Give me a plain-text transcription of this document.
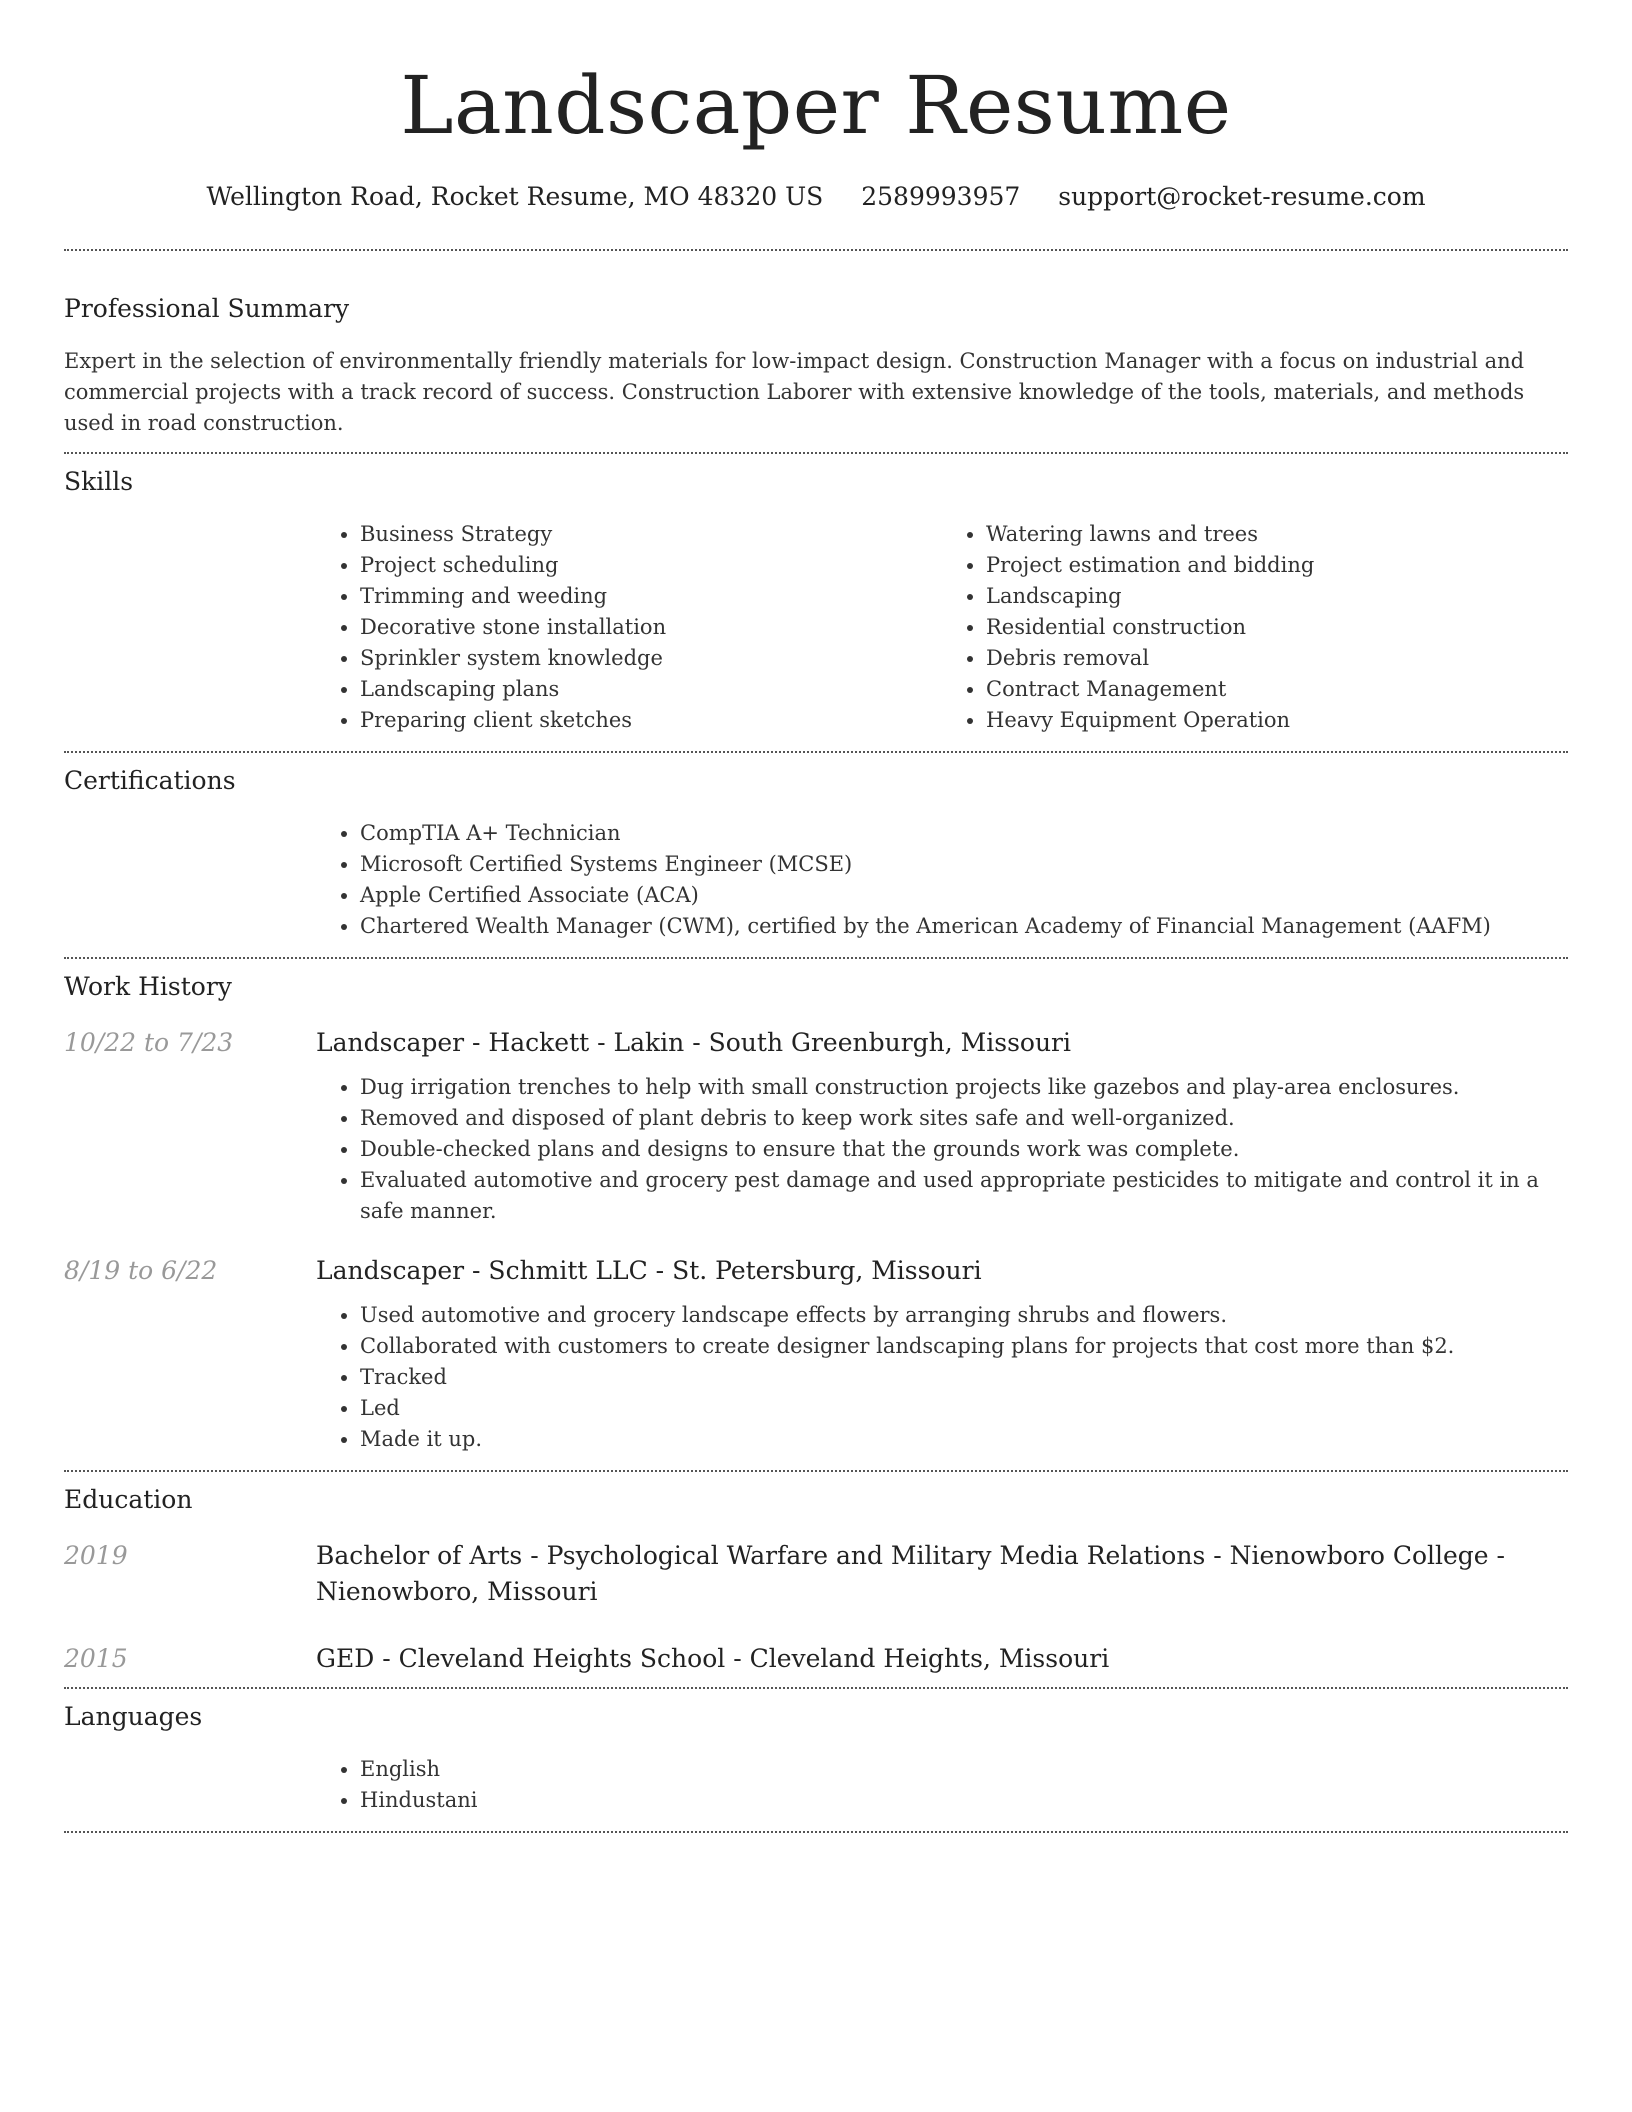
Landscaper Resume
Wellington Road, Rocket Resume, MO 48320 US 2589993957 support@rocket-resume.com
Professional Summary

Expert in the selection of environmentally friendly materials for low-impact design. Construction Manager with a focus on industrial and commercial projects with a track record of success. Construction Laborer with extensive knowledge of the tools, materials, and methods used in road construction.

Skills
• Business Strategy
• Project scheduling
• Trimming and weeding
• Decorative stone installation
• Sprinkler system knowledge
• Landscaping plans
• Preparing client sketches
• Watering lawns and trees
• Project estimation and bidding
• Landscaping
• Residential construction
• Debris removal
• Contract Management
• Heavy Equipment Operation
Certifications
• CompTIA A+ Technician
• Microsoft Certified Systems Engineer (MCSE)
• Apple Certified Associate (ACA)
• Chartered Wealth Manager (CWM), certified by the American Academy of Financial Management (AAFM)
Work History
10/22 to 7/23	Landscaper - Hackett - Lakin - South Greenburgh, Missouri
• Dug irrigation trenches to help with small construction projects like gazebos and play-area enclosures.
• Removed and disposed of plant debris to keep work sites safe and well-organized.
• Double-checked plans and designs to ensure that the grounds work was complete.
• Evaluated automotive and grocery pest damage and used appropriate pesticides to mitigate and control it in a safe manner.
8/19 to 6/22	Landscaper - Schmitt LLC - St. Petersburg, Missouri
• Used automotive and grocery landscape effects by arranging shrubs and flowers.
• Collaborated with customers to create designer landscaping plans for projects that cost more than $2.
• Tracked
• Led
• Made it up.
Education
2019	Bachelor of Arts - Psychological Warfare and Military Media Relations - Nienowboro College - Nienowboro, Missouri
2015	GED - Cleveland Heights School - Cleveland Heights, Missouri
Languages
• English
• Hindustani
